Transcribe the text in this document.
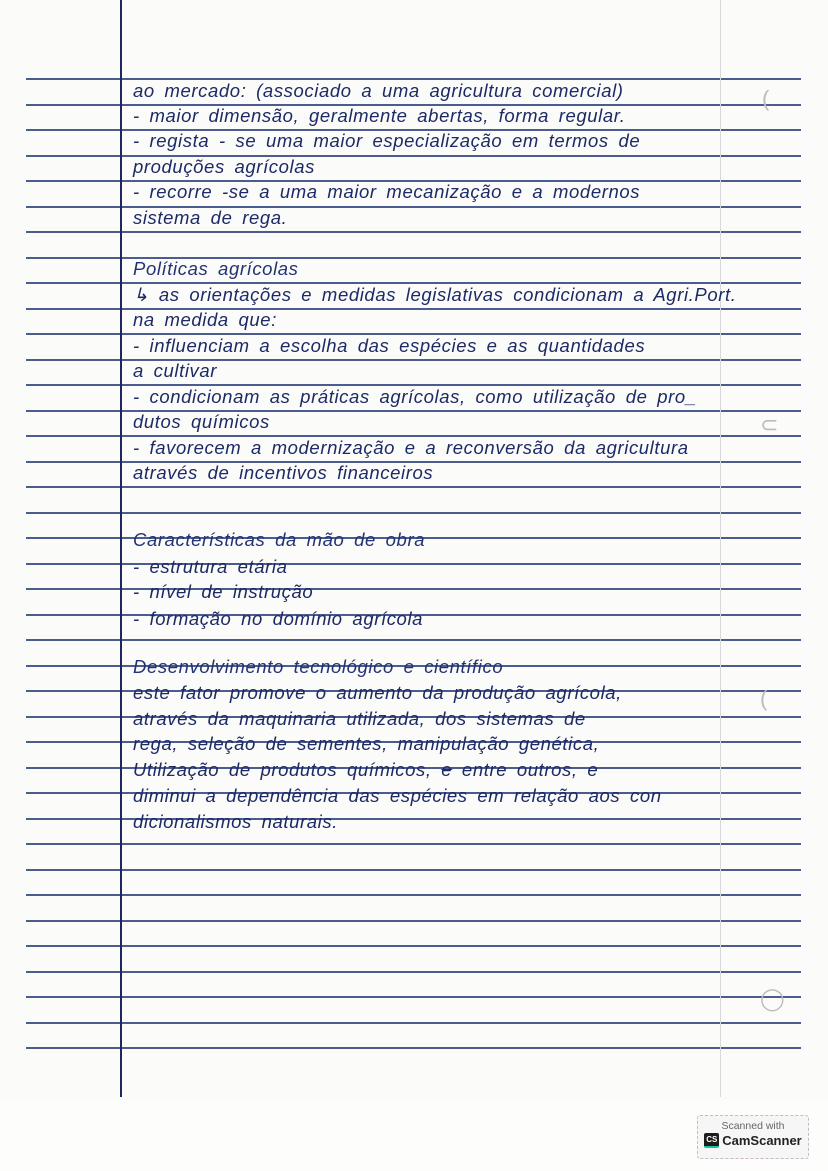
(
⊂
(
◯
ao mercado: (associado a uma agricultura comercial)
- maior dimensão, geralmente abertas, forma regular.
- regista - se uma maior especialização em termos de
produções agrícolas
- recorre -se a uma maior mecanização e a modernos
sistema de rega.
Políticas agrícolas
↳ as orientações e medidas legislativas condicionam a Agri.Port.
na medida que:
- influenciam a escolha das espécies e as quantidades
a cultivar
- condicionam as práticas agrícolas, como utilização de pro_
dutos químicos
- favorecem a modernização e a reconversão da agricultura
através de incentivos financeiros
Características da mão de obra
- estrutura etária
- nível de instrução
- formação no domínio agrícola
Desenvolvimento tecnológico e científico
este fator promove o aumento da produção agrícola,
através da maquinaria utilizada, dos sistemas de
rega, seleção de sementes, manipulação genética,
Utilização de produtos químicos, e entre outros, e
diminui a dependência das espécies em relação aos con
dicionalismos naturais.
Scanned with
CS CamScanner
